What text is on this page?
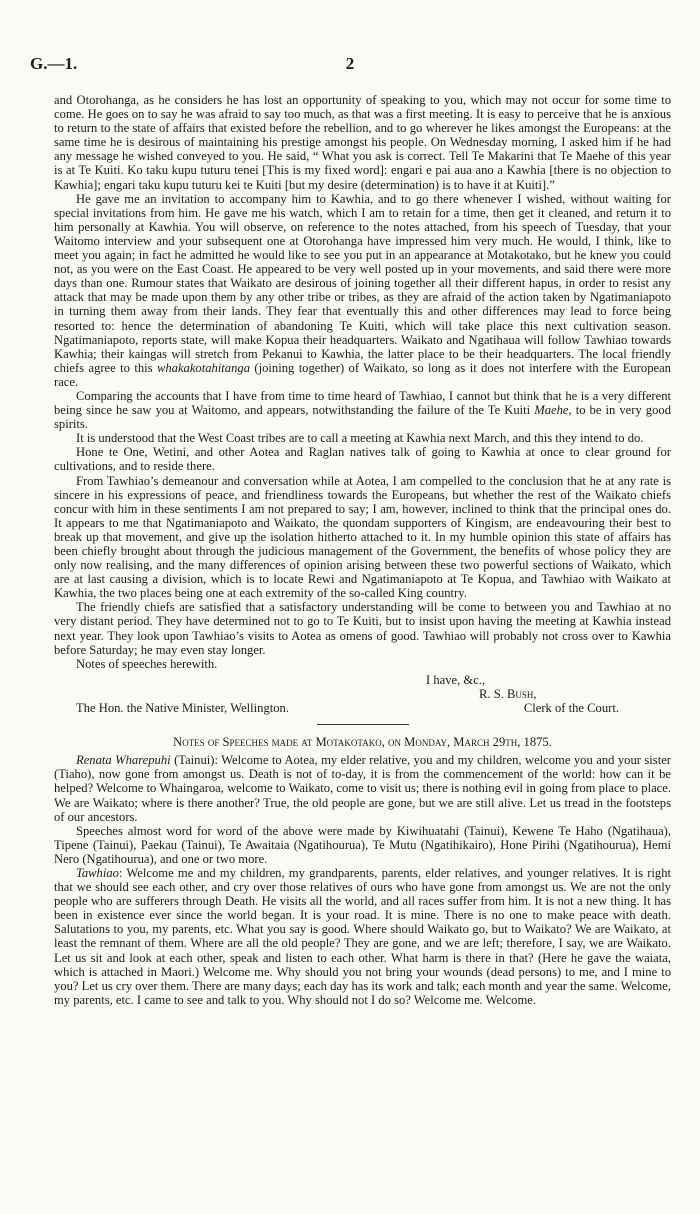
G.—1.	2

and Otorohanga, as he considers he has lost an opportunity of speaking to you, which may not occur for some time to come. He goes on to say he was afraid to say too much, as that was a first meeting. It is easy to perceive that he is anxious to return to the state of affairs that existed before the rebellion, and to go wherever he likes amongst the Europeans: at the same time he is desirous of maintaining his prestige amongst his people. On Wednesday morning, I asked him if he had any message he wished conveyed to you. He said, “ What you ask is correct. Tell Te Makarini that Te Maehe of this year is at Te Kuiti. Ko taku kupu tuturu tenei [This is my fixed word]: engari e pai aua ano a Kawhia [there is no objection to Kawhia]; engari taku kupu tuturu kei te Kuiti [but my desire (determination) is to have it at Kuiti].”

He gave me an invitation to accompany him to Kawhia, and to go there whenever I wished, without waiting for special invitations from him. He gave me his watch, which I am to retain for a time, then get it cleaned, and return it to him personally at Kawhia. You will observe, on reference to the notes attached, from his speech of Tuesday, that your Waitomo interview and your subsequent one at Otorohanga have impressed him very much. He would, I think, like to meet you again; in fact he admitted he would like to see you put in an appearance at Motakotako, but he knew you could not, as you were on the East Coast. He appeared to be very well posted up in your movements, and said there were more days than one. Rumour states that Waikato are desirous of joining together all their different hapus, in order to resist any attack that may be made upon them by any other tribe or tribes, as they are afraid of the action taken by Ngatimaniapoto in turning them away from their lands. They fear that eventually this and other differences may lead to force being resorted to: hence the determination of abandoning Te Kuiti, which will take place this next cultivation season. Ngatimaniapoto, reports state, will make Kopua their headquarters. Waikato and Ngatihaua will follow Tawhiao towards Kawhia; their kaingas will stretch from Pekanui to Kawhia, the latter place to be their headquarters. The local friendly chiefs agree to this whakakotahitanga (joining together) of Waikato, so long as it does not interfere with the European race.

Comparing the accounts that I have from time to time heard of Tawhiao, I cannot but think that he is a very different being since he saw you at Waitomo, and appears, notwithstanding the failure of the Te Kuiti Maehe, to be in very good spirits.

It is understood that the West Coast tribes are to call a meeting at Kawhia next March, and this they intend to do.

Hone te One, Wetini, and other Aotea and Raglan natives talk of going to Kawhia at once to clear ground for cultivations, and to reside there.

From Tawhiao’s demeanour and conversation while at Aotea, I am compelled to the conclusion that he at any rate is sincere in his expressions of peace, and friendliness towards the Europeans, but whether the rest of the Waikato chiefs concur with him in these sentiments I am not prepared to say; I am, however, inclined to think that the principal ones do. It appears to me that Ngatimaniapoto and Waikato, the quondam supporters of Kingism, are endeavouring their best to break up that movement, and give up the isolation hitherto attached to it. In my humble opinion this state of affairs has been chiefly brought about through the judicious management of the Government, the benefits of whose policy they are only now realising, and the many differences of opinion arising between these two powerful sections of Waikato, which are at last causing a division, which is to locate Rewi and Ngatimaniapoto at Te Kopua, and Tawhiao with Waikato at Kawhia, the two places being one at each extremity of the so-called King country.

The friendly chiefs are satisfied that a satisfactory understanding will be come to between you and Tawhiao at no very distant period. They have determined not to go to Te Kuiti, but to insist upon having the meeting at Kawhia instead next year. They look upon Tawhiao’s visits to Aotea as omens of good. Tawhiao will probably not cross over to Kawhia before Saturday; he may even stay longer.

Notes of speeches herewith.

I have, &c.,
R. S. Bush,
The Hon. the Native Minister, Wellington.	Clerk of the Court.
Notes of Speeches made at Motakotako, on Monday, March 29th, 1875.

Renata Wharepuhi (Tainui): Welcome to Aotea, my elder relative, you and my children, welcome you and your sister (Tiaho), now gone from amongst us. Death is not of to-day, it is from the commencement of the world: how can it be helped? Welcome to Whaingaroa, welcome to Waikato, come to visit us; there is nothing evil in going from place to place. We are Waikato; where is there another? True, the old people are gone, but we are still alive. Let us tread in the footsteps of our ancestors.

Speeches almost word for word of the above were made by Kiwihuatahi (Tainui), Kewene Te Haho (Ngatihaua), Tipene (Tainui), Paekau (Tainui), Te Awaitaia (Ngatihourua), Te Mutu (Ngatihikairo), Hone Pirihi (Ngatihourua), Hemi Nero (Ngatihourua), and one or two more.

Tawhiao: Welcome me and my children, my grandparents, parents, elder relatives, and younger relatives. It is right that we should see each other, and cry over those relatives of ours who have gone from amongst us. We are not the only people who are sufferers through Death. He visits all the world, and all races suffer from him. It is not a new thing. It has been in existence ever since the world began. It is your road. It is mine. There is no one to make peace with death. Salutations to you, my parents, etc. What you say is good. Where should Waikato go, but to Waikato? We are Waikato, at least the remnant of them. Where are all the old people? They are gone, and we are left; therefore, I say, we are Waikato. Let us sit and look at each other, speak and listen to each other. What harm is there in that? (Here he gave the waiata, which is attached in Maori.) Welcome me. Why should you not bring your wounds (dead persons) to me, and I mine to you? Let us cry over them. There are many days; each day has its work and talk; each month and year the same. Welcome, my parents, etc. I came to see and talk to you. Why should not I do so? Welcome me. Welcome.
